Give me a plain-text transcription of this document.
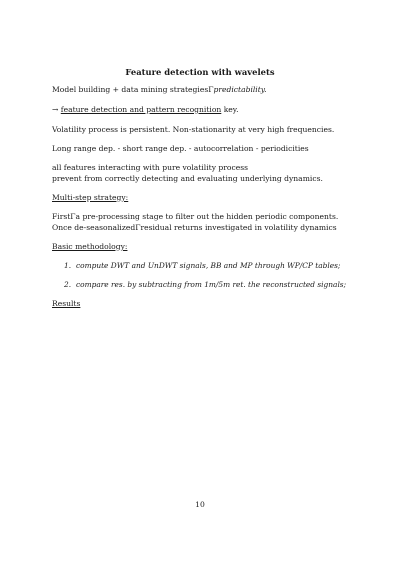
Feature detection with wavelets
Model building + data mining strategiesΓpredictability.
→ feature detection and pattern recognition key.
Volatility process is persistent. Non-stationarity at very high frequencies.
Long range dep. - short range dep. - autocorrelation - periodicities
all features interacting with pure volatility process
prevent from correctly detecting and evaluating underlying dynamics.
Multi-step strategy:
FirstΓa pre-processing stage to filter out the hidden periodic components.
Once de-seasonalizedΓresidual returns investigated in volatility dynamics
Basic methodology:
1. compute DWT and UnDWT signals, BB and MP through WP/CP tables;
2. compare res. by subtracting from 1m/5m ret. the reconstructed signals;
Results
10
